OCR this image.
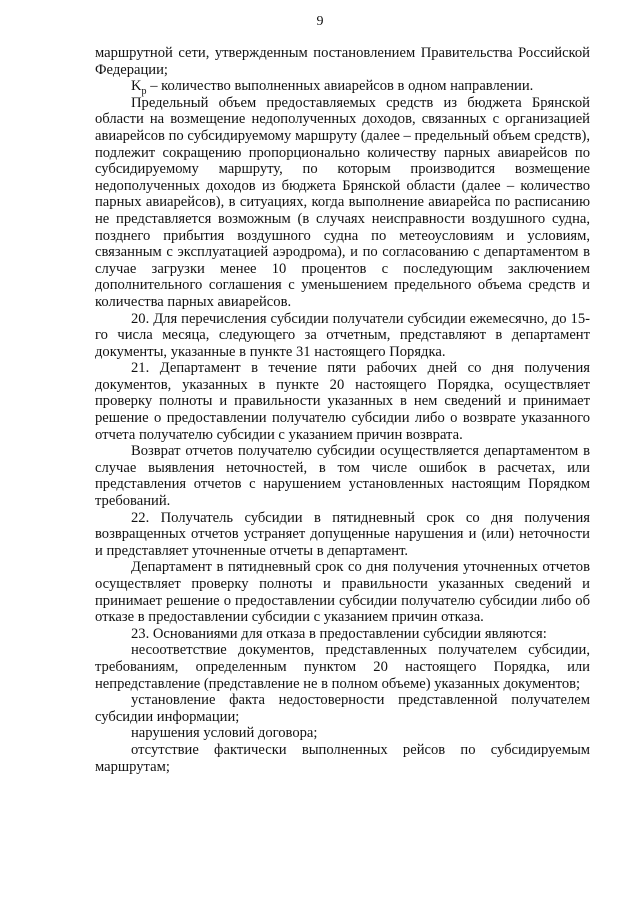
9

маршрутной сети, утвержденным постановлением Правительства Российской Федерации;

$K_р$ – количество выполненных авиарейсов в одном направлении.

Предельный объем предоставляемых средств из бюджета Брянской области на возмещение недополученных доходов, связанных с организацией авиарейсов по субсидируемому маршруту (далее – предельный объем средств), подлежит сокращению пропорционально количеству парных авиарейсов по субсидируемому маршруту, по которым производится возмещение недополученных доходов из бюджета Брянской области (далее – количество парных авиарейсов), в ситуациях, когда выполнение авиарейса по расписанию не представляется возможным (в случаях неисправности воздушного судна, позднего прибытия воздушного судна по метеоусловиям и условиям, связанным с эксплуатацией аэродрома), и по согласованию с департаментом в случае загрузки менее 10 процентов с последующим заключением дополнительного соглашения с уменьшением предельного объема средств и количества парных авиарейсов.

20. Для перечисления субсидии получатели субсидии ежемесячно, до 15-го числа месяца, следующего за отчетным, представляют в департамент документы, указанные в пункте 31 настоящего Порядка.

21. Департамент в течение пяти рабочих дней со дня получения документов, указанных в пункте 20 настоящего Порядка, осуществляет проверку полноты и правильности указанных в нем сведений и принимает решение о предоставлении получателю субсидии либо о возврате указанного отчета получателю субсидии с указанием причин возврата.

Возврат отчетов получателю субсидии осуществляется департаментом в случае выявления неточностей, в том числе ошибок в расчетах, или представления отчетов с нарушением установленных настоящим Порядком требований.

22. Получатель субсидии в пятидневный срок со дня получения возвращенных отчетов устраняет допущенные нарушения и (или) неточности и представляет уточненные отчеты в департамент.

Департамент в пятидневный срок со дня получения уточненных отчетов осуществляет проверку полноты и правильности указанных сведений и принимает решение о предоставлении субсидии получателю субсидии либо об отказе в предоставлении субсидии с указанием причин отказа.

23. Основаниями для отказа в предоставлении субсидии являются:

несоответствие документов, представленных получателем субсидии, требованиям, определенным пунктом 20 настоящего Порядка, или непредставление (представление не в полном объеме) указанных документов;

установление факта недостоверности представленной получателем субсидии информации;

нарушения условий договора;

отсутствие фактически выполненных рейсов по субсидируемым маршрутам;
